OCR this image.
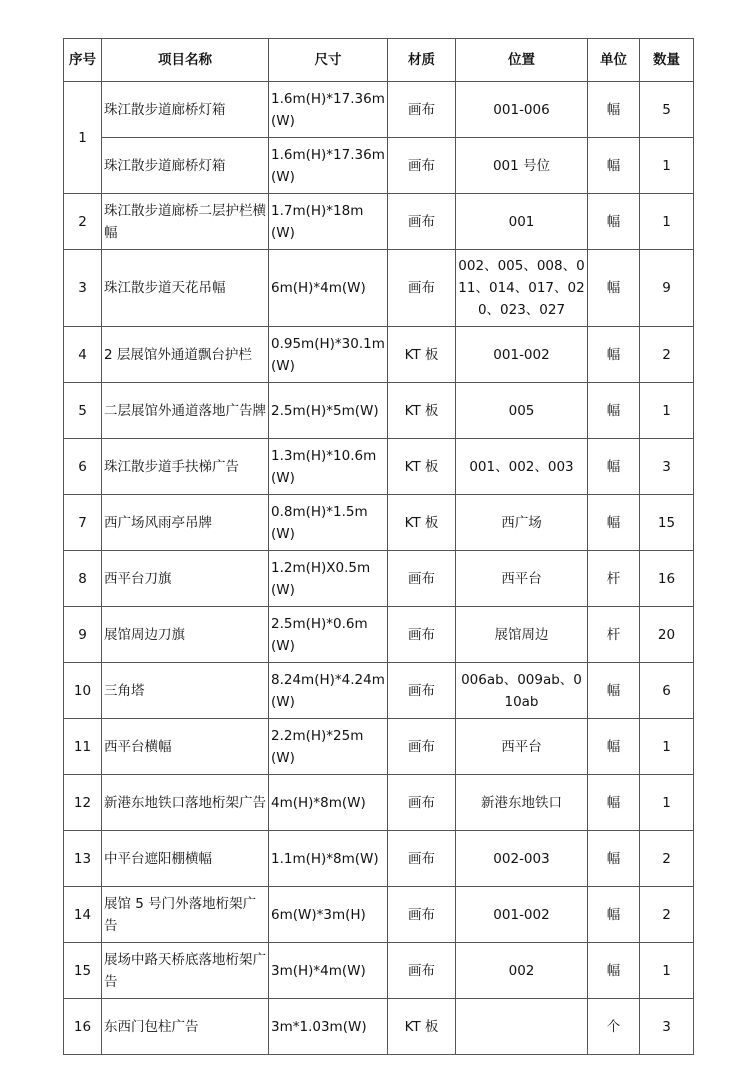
序号	项目名称	尺寸	材质	位置	单位	数量
1	珠江散步道廊桥灯箱	1.6m(H)*17.36m(W)	画布	001-006	幅	5
	珠江散步道廊桥灯箱	1.6m(H)*17.36m(W)	画布	001 号位	幅	1
2	珠江散步道廊桥二层护栏横幅	1.7m(H)*18m(W)	画布	001	幅	1
3	珠江散步道天花吊幅	6m(H)*4m(W)	画布	002、005、008、011、014、017、020、023、027	幅	9
4	2 层展馆外通道飘台护栏	0.95m(H)*30.1m(W)	KT 板	001-002	幅	2
5	二层展馆外通道落地广告牌	2.5m(H)*5m(W)	KT 板	005	幅	1
6	珠江散步道手扶梯广告	1.3m(H)*10.6m(W)	KT 板	001、002、003	幅	3
7	西广场风雨亭吊牌	0.8m(H)*1.5m(W)	KT 板	西广场	幅	15
8	西平台刀旗	1.2m(H)X0.5m(W)	画布	西平台	杆	16
9	展馆周边刀旗	2.5m(H)*0.6m(W)	画布	展馆周边	杆	20
10	三角塔	8.24m(H)*4.24m(W)	画布	006ab、009ab、010ab	幅	6
11	西平台横幅	2.2m(H)*25m(W)	画布	西平台	幅	1
12	新港东地铁口落地桁架广告	4m(H)*8m(W)	画布	新港东地铁口	幅	1
13	中平台遮阳棚横幅	1.1m(H)*8m(W)	画布	002-003	幅	2
14	展馆 5 号门外落地桁架广告	6m(W)*3m(H)	画布	001-002	幅	2
15	展场中路天桥底落地桁架广告	3m(H)*4m(W)	画布	002	幅	1
16	东西门包柱广告	3m*1.03m(W)	KT 板		个	3
